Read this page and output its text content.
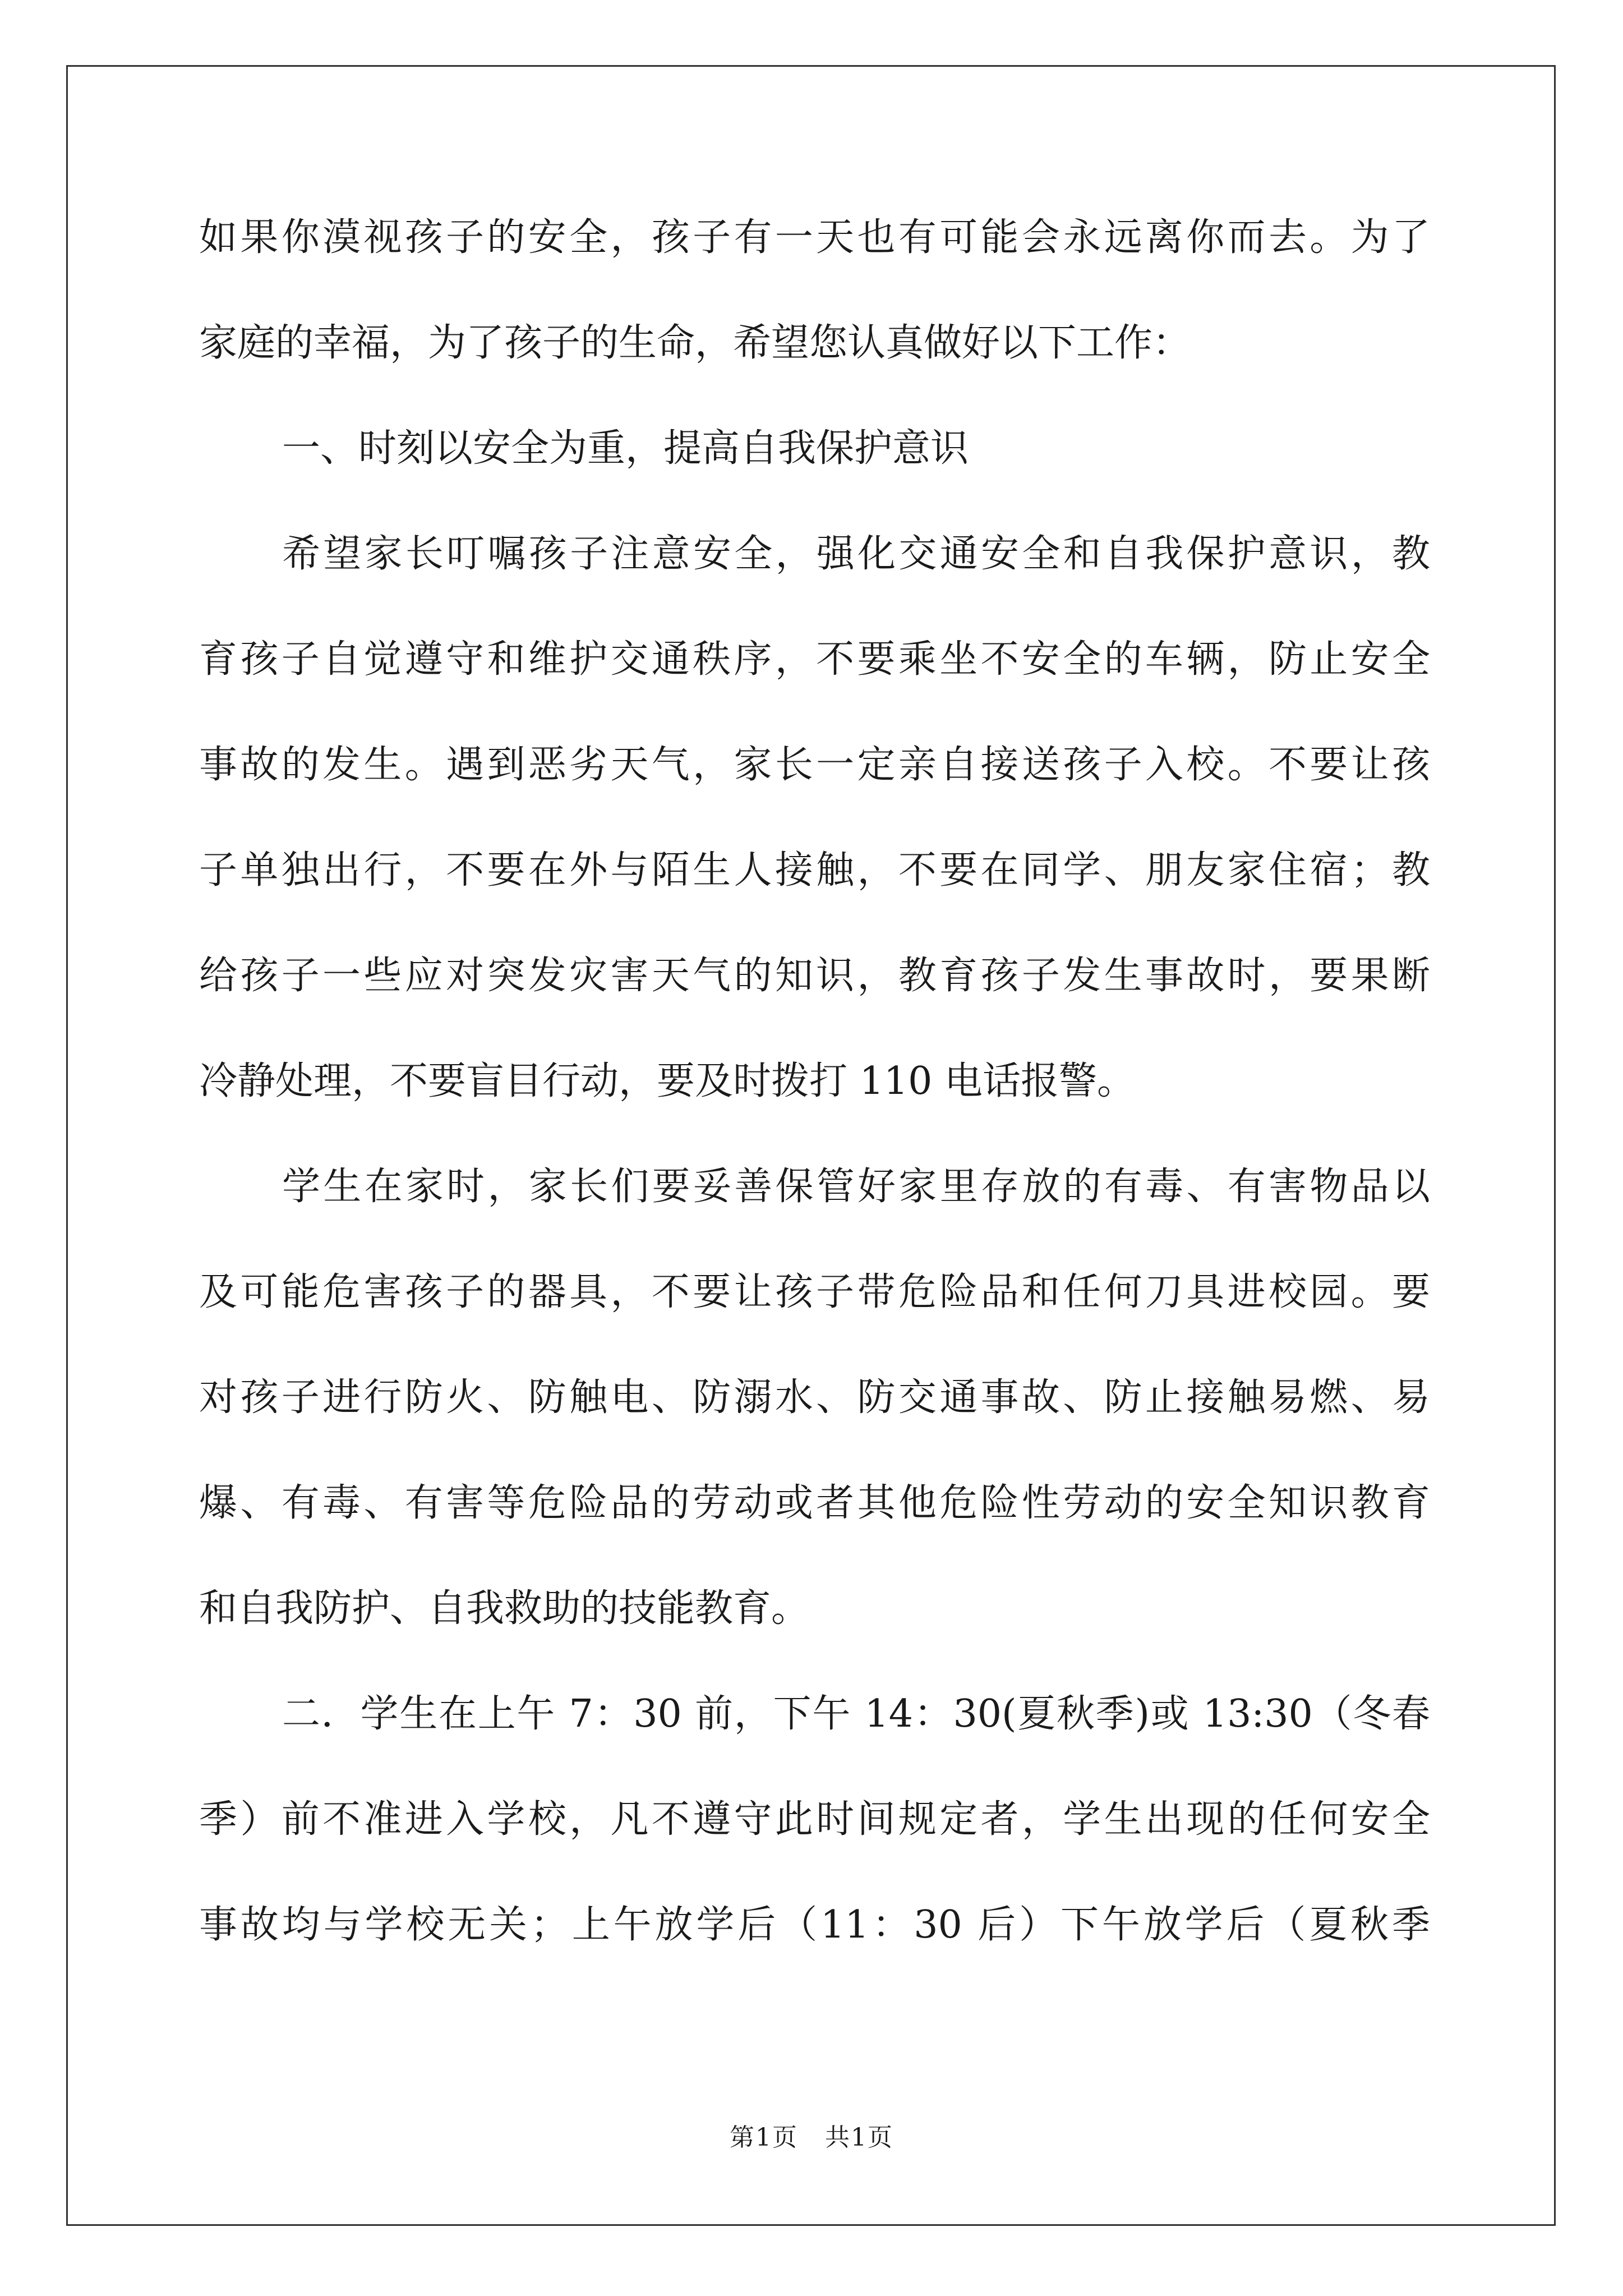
如果你漠视孩子的安全，孩子有一天也有可能会永远离你而去。为了
家庭的幸福，为了孩子的生命，希望您认真做好以下工作：
一、时刻以安全为重，提高自我保护意识
希望家长叮嘱孩子注意安全，强化交通安全和自我保护意识，教
育孩子自觉遵守和维护交通秩序，不要乘坐不安全的车辆，防止安全
事故的发生。遇到恶劣天气，家长一定亲自接送孩子入校。不要让孩
子单独出行，不要在外与陌生人接触，不要在同学、朋友家住宿；教
给孩子一些应对突发灾害天气的知识，教育孩子发生事故时，要果断
冷静处理，不要盲目行动，要及时拨打 110 电话报警。
学生在家时，家长们要妥善保管好家里存放的有毒、有害物品以
及可能危害孩子的器具，不要让孩子带危险品和任何刀具进校园。要
对孩子进行防火、防触电、防溺水、防交通事故、防止接触易燃、易
爆、有毒、有害等危险品的劳动或者其他危险性劳动的安全知识教育
和自我防护、自我救助的技能教育。
二．学生在上午 7：30 前，下午 14：30(夏秋季)或 13:30（冬春
季）前不准进入学校，凡不遵守此时间规定者，学生出现的任何安全
事故均与学校无关；上午放学后（11：30 后）下午放学后（夏秋季
第1页   共1页
